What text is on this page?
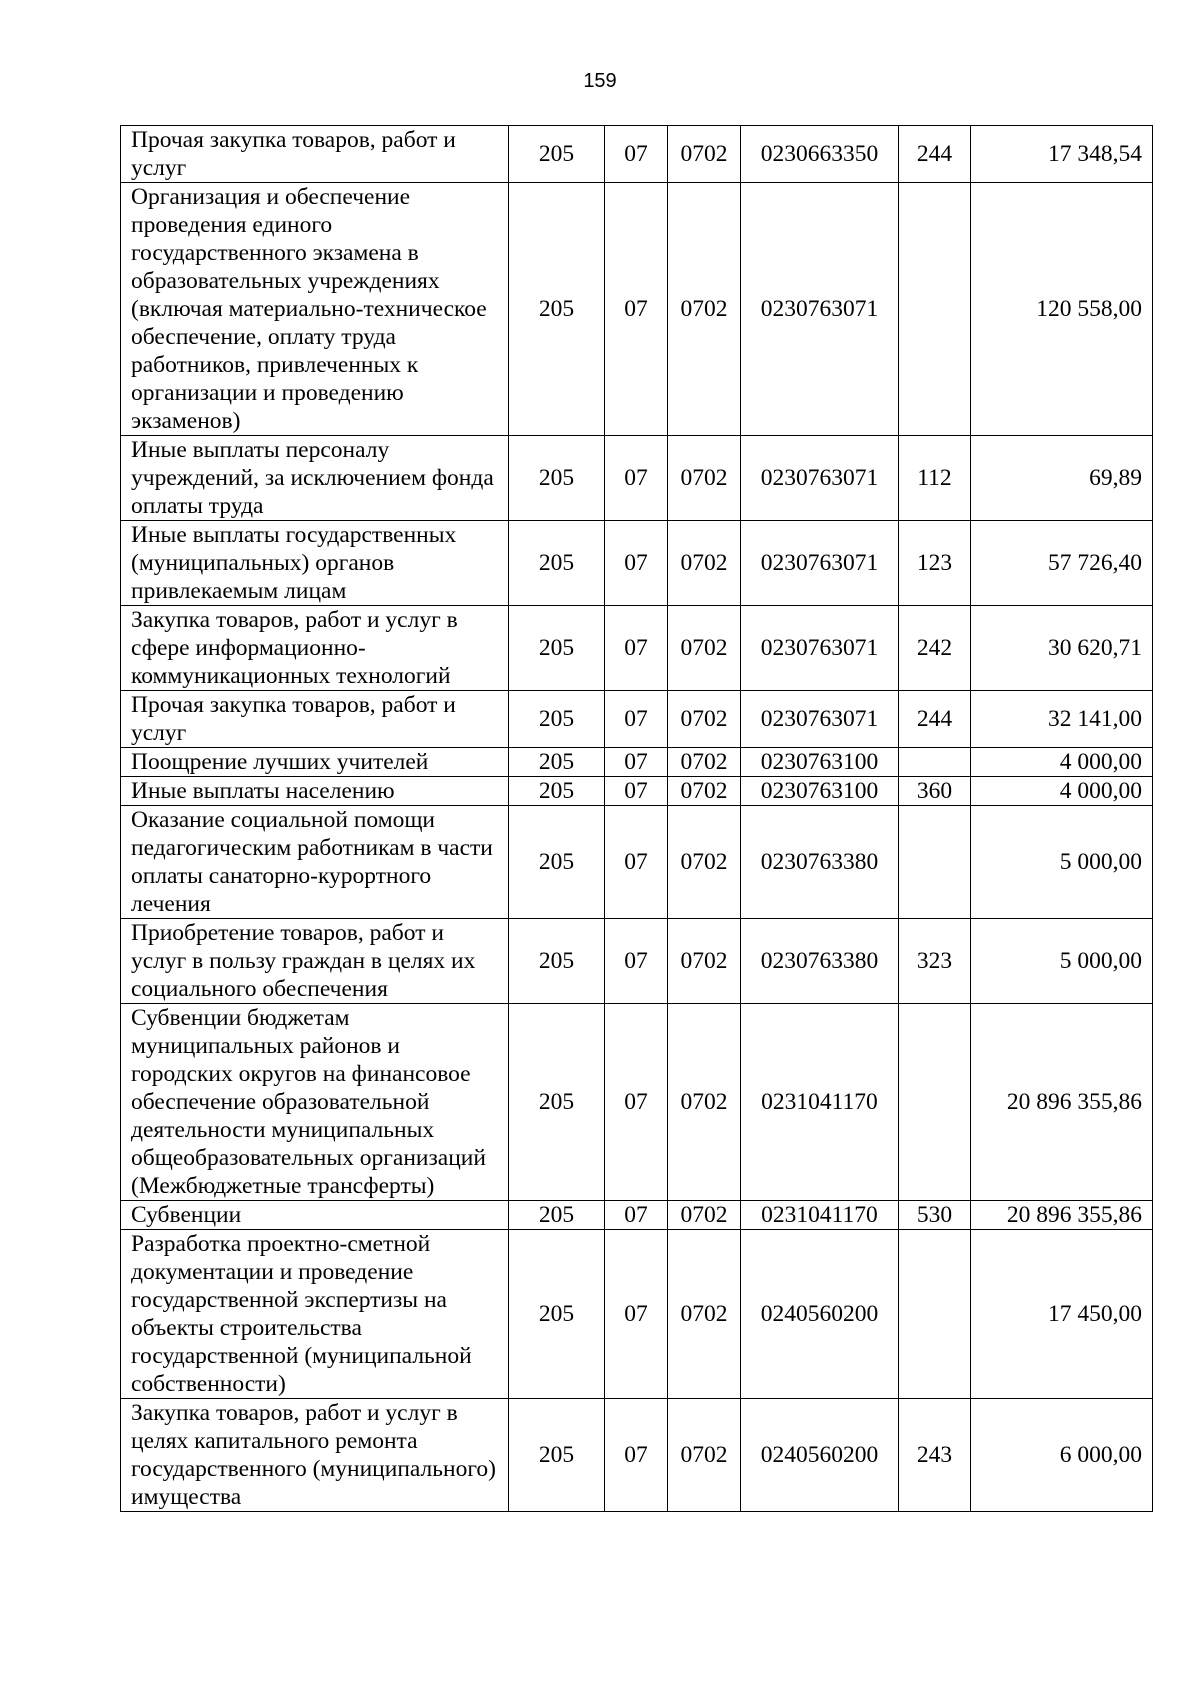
159
Прочая закупка товаров, работ и услуг	205	07	0702	0230663350	244	17 348,54
Организация и обеспечение проведения единого государственного экзамена в образовательных учреждениях (включая материально-техническое обеспечение, оплату труда работников, привлеченных к организации и проведению экзаменов)	205	07	0702	0230763071		120 558,00
Иные выплаты персоналу учреждений, за исключением фонда оплаты труда	205	07	0702	0230763071	112	69,89
Иные выплаты государственных (муниципальных) органов привлекаемым лицам	205	07	0702	0230763071	123	57 726,40
Закупка товаров, работ и услуг в сфере информационно-коммуникационных технологий	205	07	0702	0230763071	242	30 620,71
Прочая закупка товаров, работ и услуг	205	07	0702	0230763071	244	32 141,00
Поощрение лучших учителей	205	07	0702	0230763100		4 000,00
Иные выплаты населению	205	07	0702	0230763100	360	4 000,00
Оказание социальной помощи педагогическим работникам в части оплаты санаторно-курортного лечения	205	07	0702	0230763380		5 000,00
Приобретение товаров, работ и услуг в пользу граждан в целях их социального обеспечения	205	07	0702	0230763380	323	5 000,00
Субвенции бюджетам муниципальных районов и городских округов на финансовое обеспечение образовательной деятельности муниципальных общеобразовательных организаций (Межбюджетные трансферты)	205	07	0702	0231041170		20 896 355,86
Субвенции	205	07	0702	0231041170	530	20 896 355,86
Разработка проектно-сметной документации и проведение государственной экспертизы на объекты строительства государственной (муниципальной собственности)	205	07	0702	0240560200		17 450,00
Закупка товаров, работ и услуг в целях капитального ремонта государственного (муниципального) имущества	205	07	0702	0240560200	243	6 000,00
